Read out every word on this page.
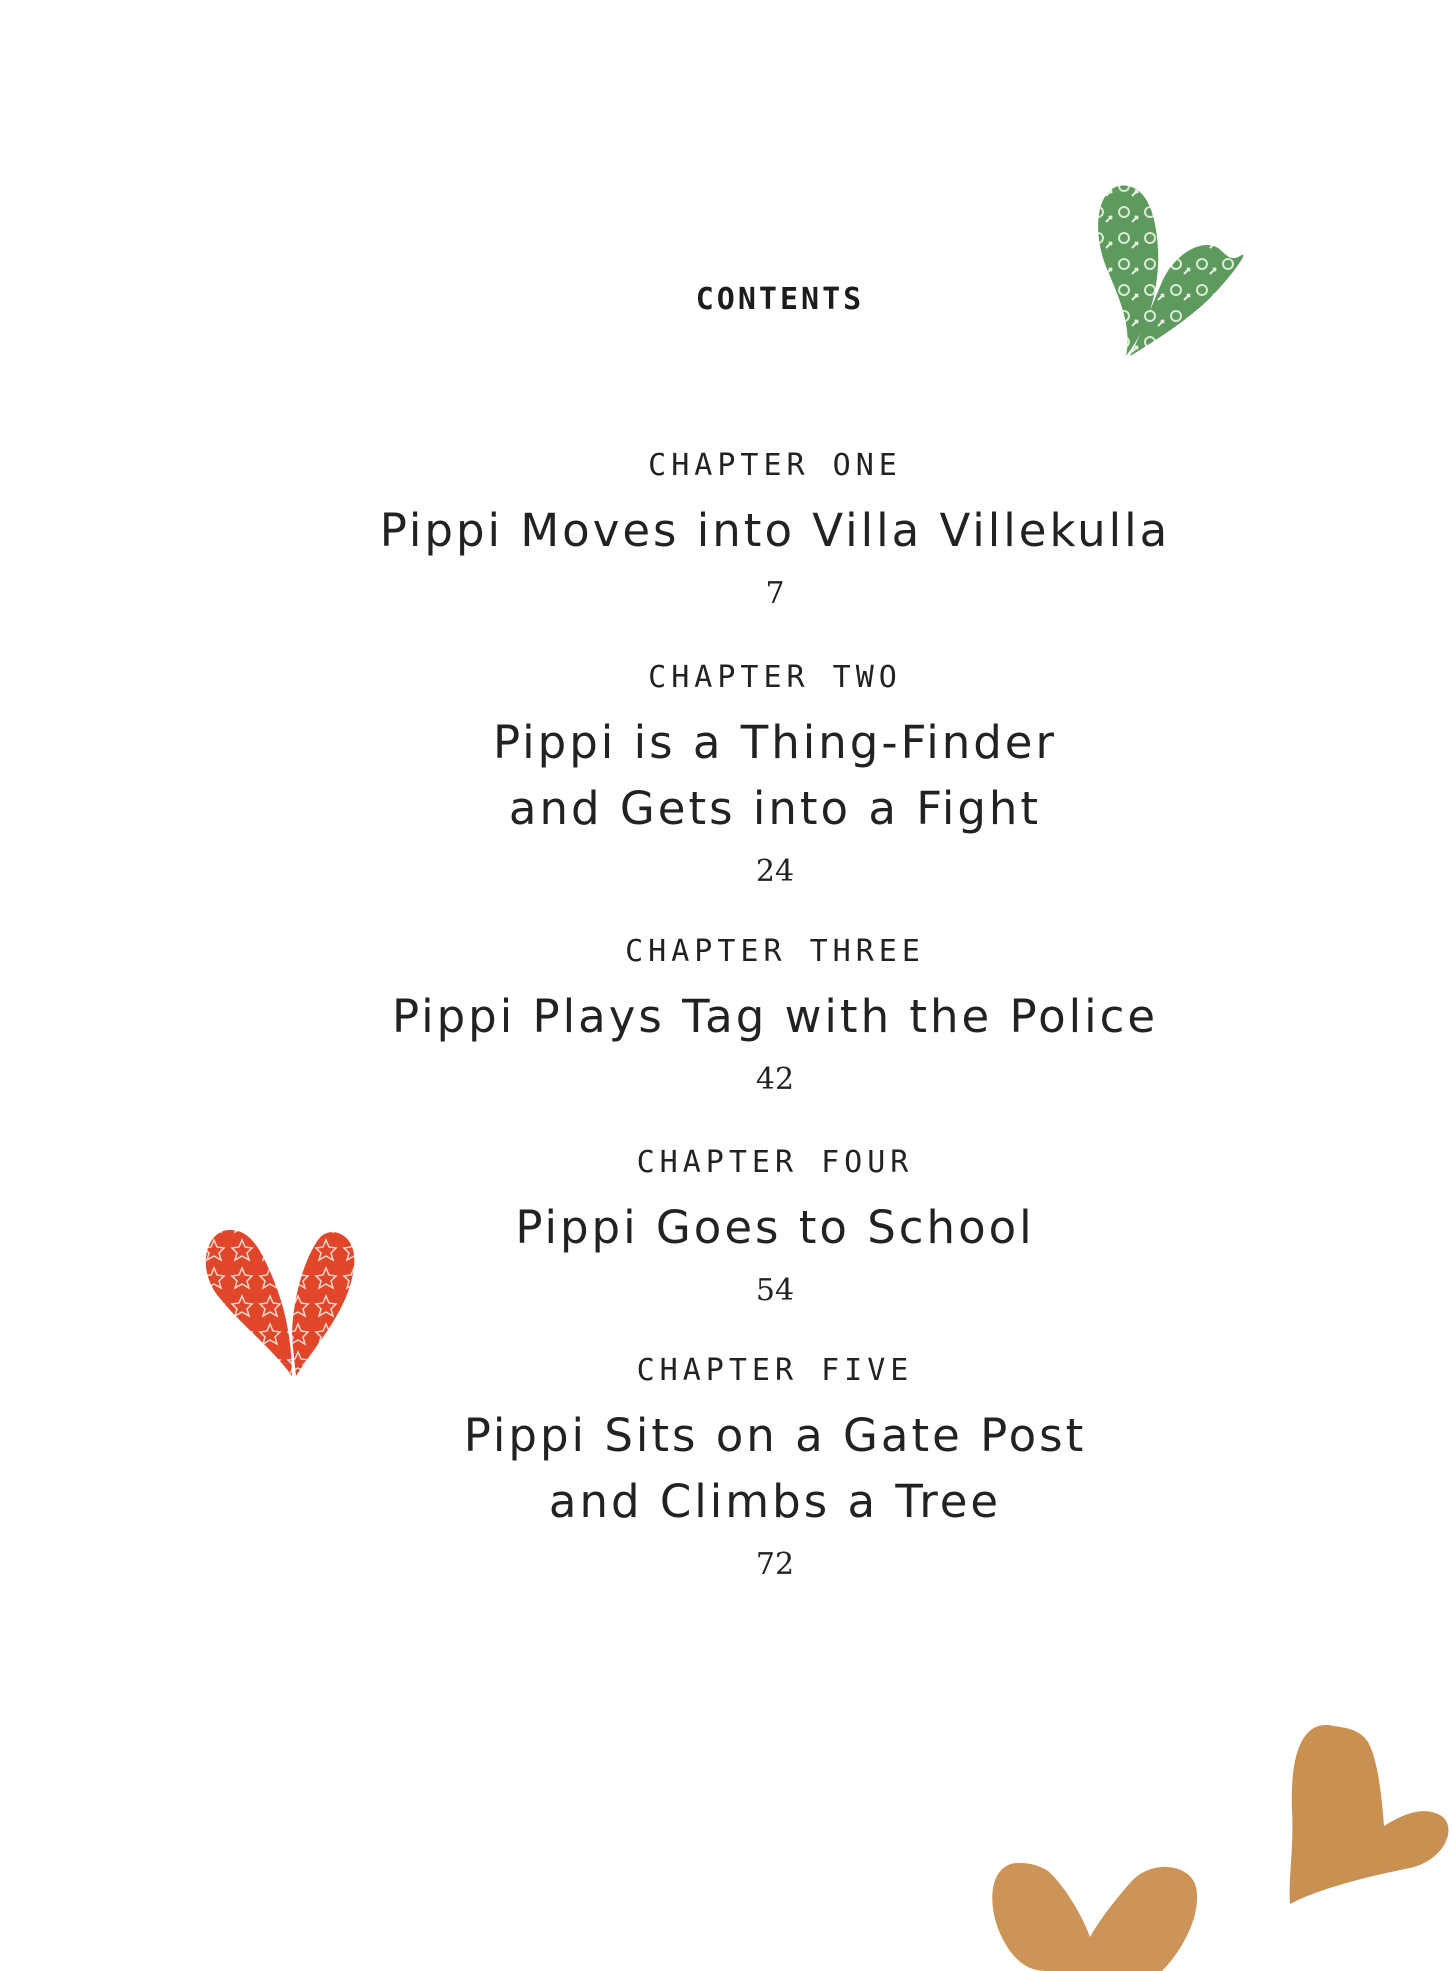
CONTENTS
CHAPTER ONE
Pippi Moves into Villa Villekulla
7
CHAPTER TWO
Pippi is a Thing-Finder
and Gets into a Fight
24
CHAPTER THREE
Pippi Plays Tag with the Police
42
CHAPTER FOUR
Pippi Goes to School
54
CHAPTER FIVE
Pippi Sits on a Gate Post
and Climbs a Tree
72
